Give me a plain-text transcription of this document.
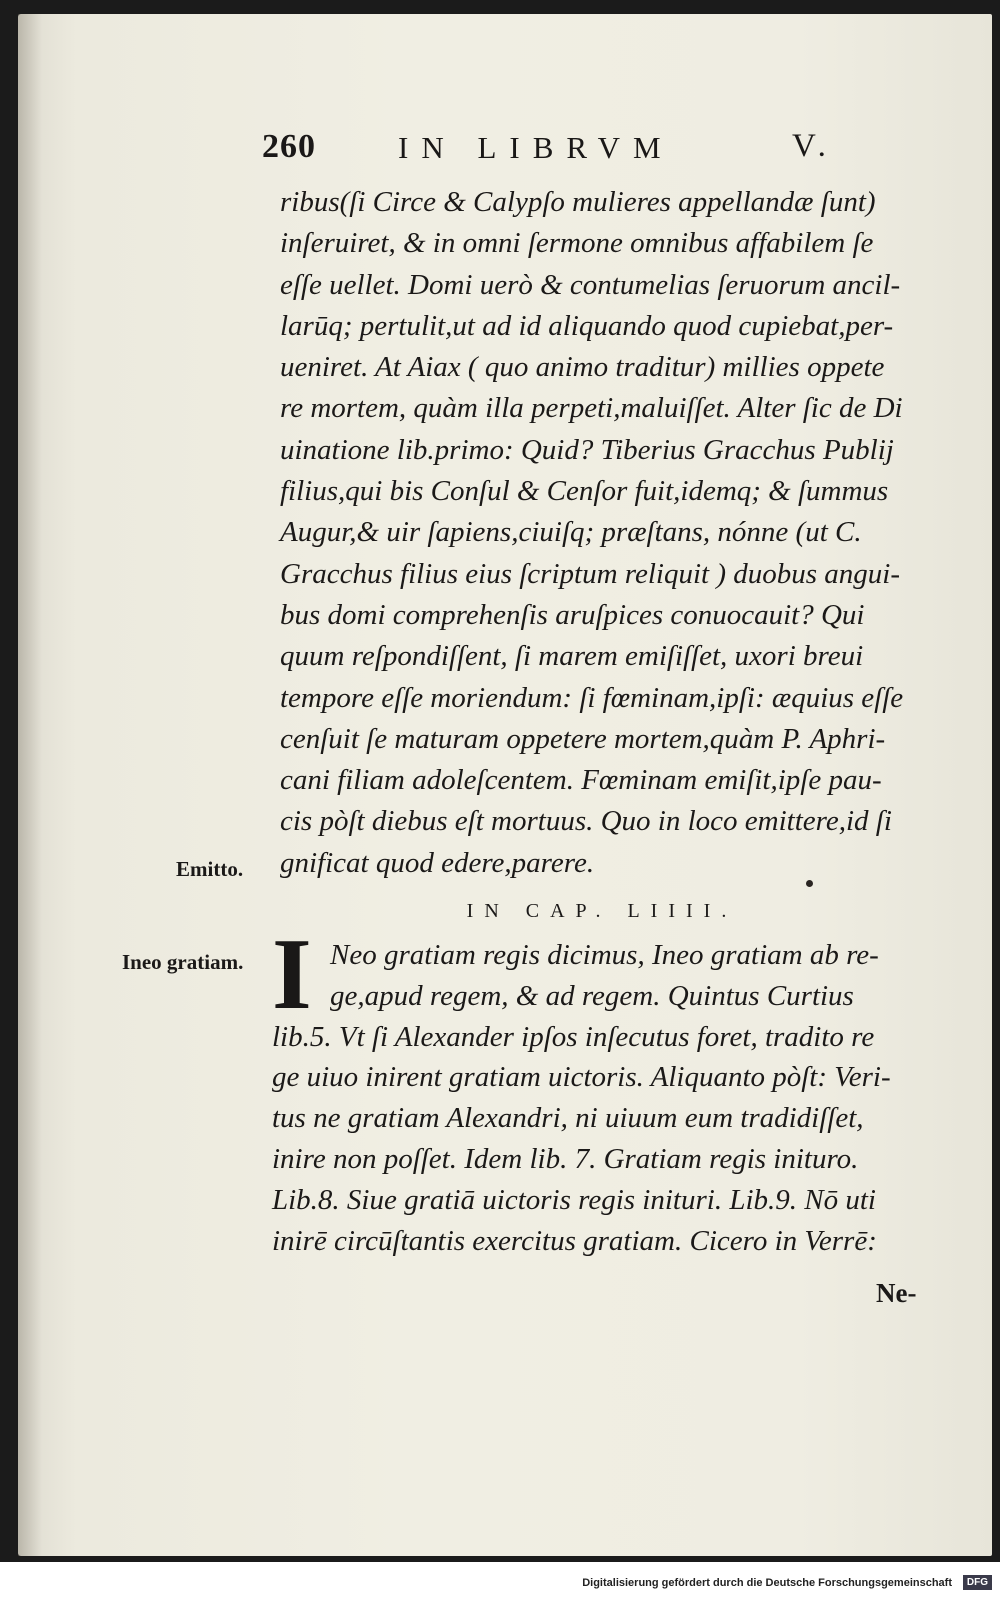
260	IN LIBRVM	V.
ribus(ſi Circe & Calypſo mulieres appellandæ ſunt)
inſeruiret, & in omni ſermone omnibus affabilem ſe
eſſe uellet. Domi uerò & contumelias ſeruorum ancil-
larūq; pertulit,ut ad id aliquando quod cupiebat,per-
ueniret. At Aiax ( quo animo traditur) millies oppete
re mortem, quàm illa perpeti,maluiſſet. Alter ſic de Di
uinatione lib.primo: Quid? Tiberius Gracchus Publij
filius,qui bis Conſul & Cenſor fuit,idemq; & ſummus
Augur,& uir ſapiens,ciuiſq; præſtans, nónne (ut C.
Gracchus filius eius ſcriptum reliquit ) duobus angui-
bus domi comprehenſis aruſpices conuocauit? Qui
quum reſpondiſſent, ſi marem emiſiſſet, uxori breui
tempore eſſe moriendum: ſi fœminam,ipſi: æquius eſſe
cenſuit ſe maturam oppetere mortem,quàm P. Aphri-
cani filiam adoleſcentem. Fœminam emiſit,ipſe pau-
cis pòſt diebus eſt mortuus. Quo in loco emittere,id ſi
gnificat quod edere,parere.
Emitto.
IN CAP. LIIII.
Ineo gratiam. I Neo gratiam regis dicimus, Ineo gratiam ab re-
ge,apud regem, & ad regem. Quintus Curtius
lib.5. Vt ſi Alexander ipſos inſecutus foret, tradito re
ge uiuo inirent gratiam uictoris. Aliquanto pòſt: Veri-
tus ne gratiam Alexandri, ni uiuum eum tradidiſſet,
inire non poſſet. Idem lib. 7. Gratiam regis inituro.
Lib.8. Siue gratiā uictoris regis inituri. Lib.9. Nō uti
inirē circūſtantis exercitus gratiam. Cicero in Verrē:
Ne-
Digitalisierung gefördert durch die Deutsche Forschungsgemeinschaft	DFG
